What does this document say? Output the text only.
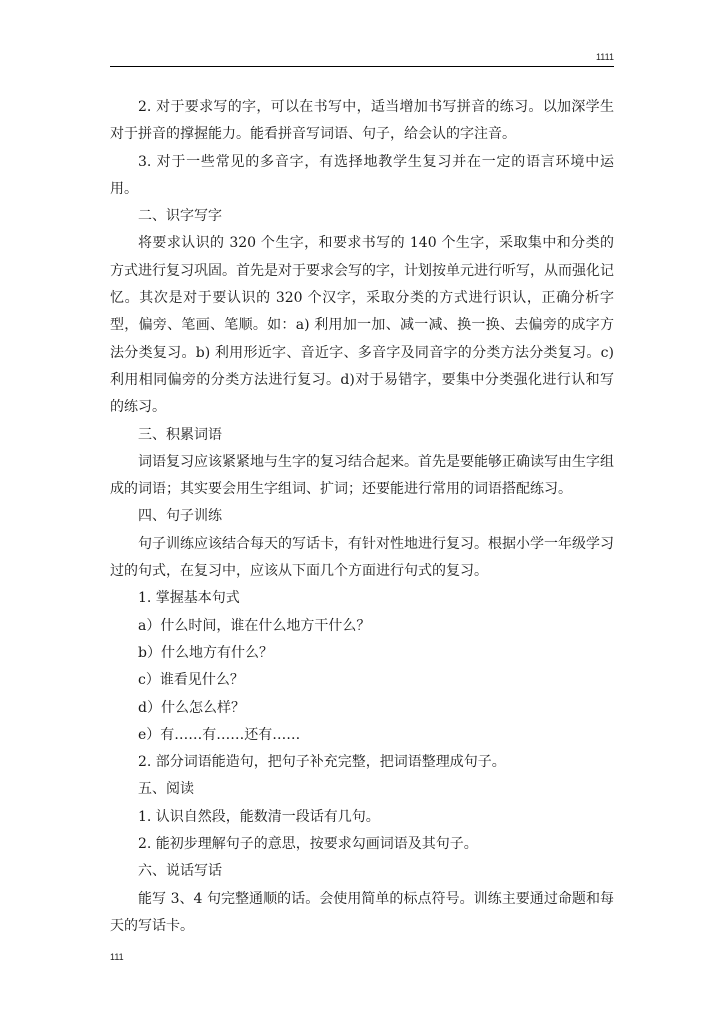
1111

2. 对于要求写的字，可以在书写中，适当增加书写拼音的练习。以加深学生对于拼音的撑握能力。能看拼音写词语、句子，给会认的字注音。

3. 对于一些常见的多音字，有选择地教学生复习并在一定的语言环境中运用。

二、识字写字

将要求认识的 320 个生字，和要求书写的 140 个生字，采取集中和分类的方式进行复习巩固。首先是对于要求会写的字，计划按单元进行听写，从而强化记忆。其次是对于要认识的 320 个汉字，采取分类的方式进行识认，正确分析字型，偏旁、笔画、笔顺。如：a) 利用加一加、减一减、换一换、去偏旁的成字方法分类复习。b) 利用形近字、音近字、多音字及同音字的分类方法分类复习。c)利用相同偏旁的分类方法进行复习。d)对于易错字，要集中分类强化进行认和写的练习。

三、积累词语

词语复习应该紧紧地与生字的复习结合起来。首先是要能够正确读写由生字组成的词语；其实要会用生字组词、扩词；还要能进行常用的词语搭配练习。

四、句子训练

句子训练应该结合每天的写话卡，有针对性地进行复习。根据小学一年级学习过的句式，在复习中，应该从下面几个方面进行句式的复习。

1. 掌握基本句式

a）什么时间，谁在什么地方干什么？

b）什么地方有什么？

c）谁看见什么？

d）什么怎么样？

e）有……有……还有……

2. 部分词语能造句，把句子补充完整，把词语整理成句子。

五、阅读

1. 认识自然段，能数清一段话有几句。

2. 能初步理解句子的意思，按要求勾画词语及其句子。

六、说话写话

能写 3、4 句完整通顺的话。会使用简单的标点符号。训练主要通过命题和每天的写话卡。

111
